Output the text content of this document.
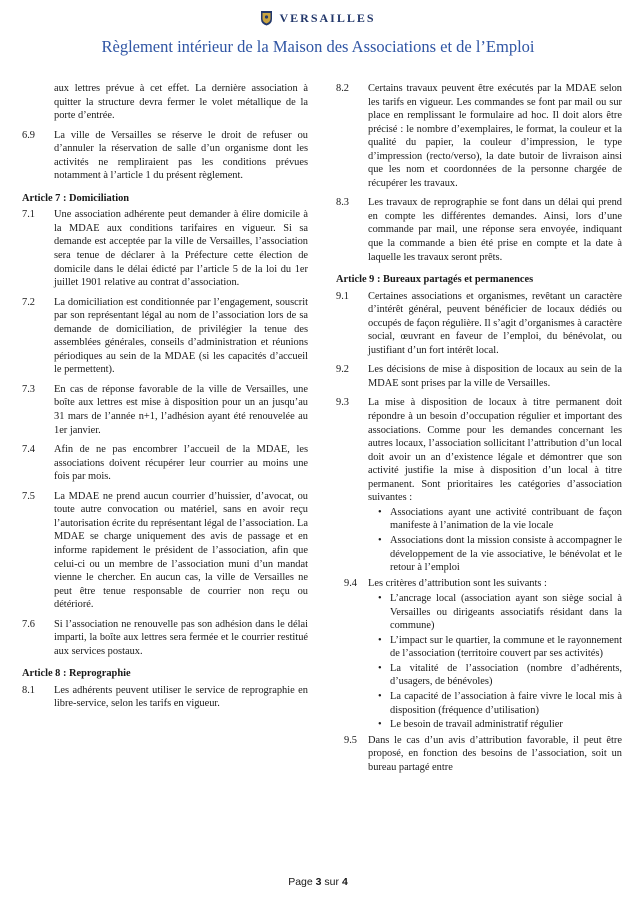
VERSAILLES
Règlement intérieur de la Maison des Associations et de l’Emploi
aux lettres prévue à cet effet. La dernière association à quitter la structure devra fermer le volet métallique de la porte d’entrée.
6.9	La ville de Versailles se réserve le droit de refuser ou d’annuler la réservation de salle d’un organisme dont les activités ne rempliraient pas les conditions prévues notamment à l’article 1 du présent règlement.
Article 7 : Domiciliation
7.1	Une association adhérente peut demander à élire domicile à la MDAE aux conditions tarifaires en vigueur. Si sa demande est acceptée par la ville de Versailles, l’association sera tenue de déclarer à la Préfecture cette élection de domicile dans le délai édicté par l’article 5 de la loi du 1er juillet 1901 relative au contrat d’association.
7.2	La domiciliation est conditionnée par l’engagement, souscrit par son représentant légal au nom de l’association lors de sa demande de domiciliation, de privilégier la tenue des assemblées générales, conseils d’administration et réunions périodiques au sein de la MDAE (si les capacités d’accueil le permettent).
7.3	En cas de réponse favorable de la ville de Versailles, une boîte aux lettres est mise à disposition pour un an jusqu’au 31 mars de l’année n+1, l’adhésion ayant été renouvelée au 1er janvier.
7.4	Afin de ne pas encombrer l’accueil de la MDAE, les associations doivent récupérer leur courrier au moins une fois par mois.
7.5	La MDAE ne prend aucun courrier d’huissier, d’avocat, ou toute autre convocation ou matériel, sans en avoir reçu l’autorisation écrite du représentant légal de l’association. La MDAE se charge uniquement des avis de passage et en informe rapidement le président de l’association, afin que celui-ci ou un membre de l’association muni d’un mandat vienne le chercher. En aucun cas, la ville de Versailles ne peut être tenue responsable de courrier non reçu ou détérioré.
7.6	Si l’association ne renouvelle pas son adhésion dans le délai imparti, la boîte aux lettres sera fermée et le courrier restitué aux services postaux.
Article 8 : Reprographie
8.1	Les adhérents peuvent utiliser le service de reprographie en libre-service, selon les tarifs en vigueur.
8.2	Certains travaux peuvent être exécutés par la MDAE selon les tarifs en vigueur. Les commandes se font par mail ou sur place en remplissant le formulaire ad hoc. Il doit alors être précisé : le nombre d’exemplaires, le format, la couleur et la qualité du papier, la couleur d’impression, le type d’impression (recto/verso), la date butoir de livraison ainsi que les nom et coordonnées de la personne chargée de récupérer les travaux.
8.3	Les travaux de reprographie se font dans un délai qui prend en compte les différentes demandes. Ainsi, lors d’une commande par mail, une réponse sera envoyée, indiquant que la commande a bien été prise en compte et la date à laquelle les travaux seront prêts.
Article 9 : Bureaux partagés et permanences
9.1	Certaines associations et organismes, revêtant un caractère d’intérêt général, peuvent bénéficier de locaux dédiés ou occupés de façon régulière. Il s’agit d’organismes à caractère social, œuvrant en faveur de l’emploi, du bénévolat, ou justifiant d’un fort intérêt local.
9.2	Les décisions de mise à disposition de locaux au sein de la MDAE sont prises par la ville de Versailles.
9.3	La mise à disposition de locaux à titre permanent doit répondre à un besoin d’occupation régulier et important des associations. Comme pour les demandes concernant les autres locaux, l’association sollicitant l’attribution d’un local doit avoir un an d’existence légale et démontrer que son activité justifie la mise à disposition d’un local à titre permanent. Sont prioritaires les catégories d’association suivantes :
• Associations ayant une activité contribuant de façon manifeste à l’animation de la vie locale
• Associations dont la mission consiste à accompagner le développement de la vie associative, le bénévolat et le retour à l’emploi
9.4	Les critères d’attribution sont les suivants :
• L’ancrage local (association ayant son siège social à Versailles ou dirigeants associatifs résidant dans la commune)
• L’impact sur le quartier, la commune et le rayonnement de l’association (territoire couvert par ses activités)
• La vitalité de l’association (nombre d’adhérents, d’usagers, de bénévoles)
• La capacité de l’association à faire vivre le local mis à disposition (fréquence d’utilisation)
• Le besoin de travail administratif régulier
9.5	Dans le cas d’un avis d’attribution favorable, il peut être proposé, en fonction des besoins de l’association, soit un bureau partagé entre
Page 3 sur 4
